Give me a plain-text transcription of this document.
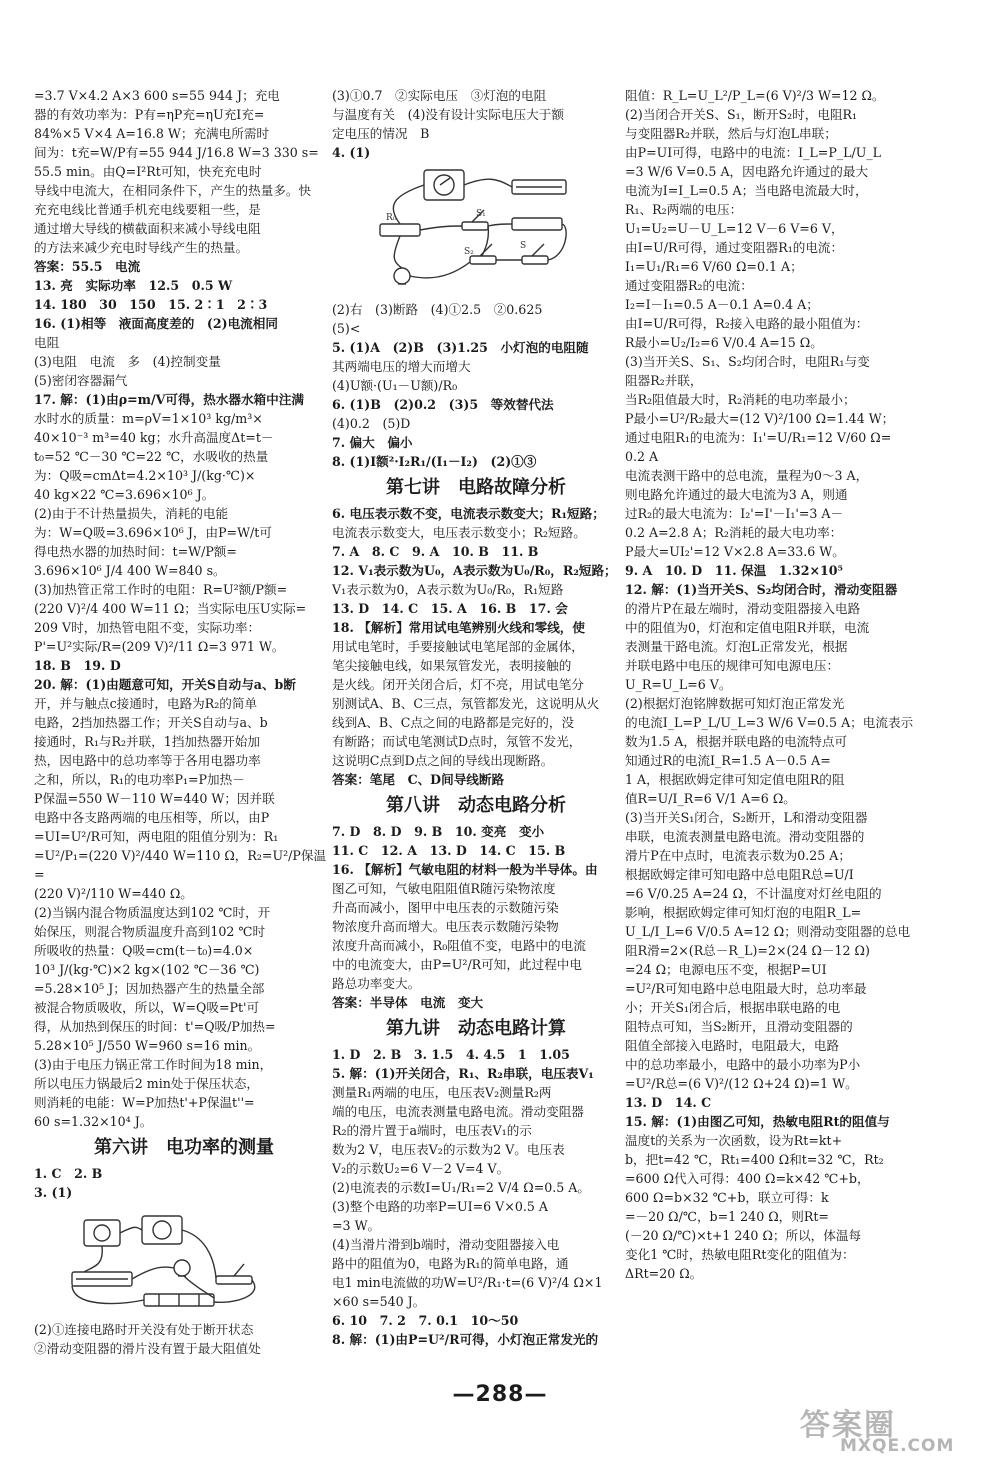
=3.7 V×4.2 A×3 600 s=55 944 J；充电

器的有效功率为：P有=ηP充=ηU充I充=

84%×5 V×4 A=16.8 W；充满电所需时

间为：t充=W/P有=55 944 J/16.8 W=3 330 s=

55.5 min。由Q=I²Rt可知，快充充电时

导线中电流大，在相同条件下，产生的热量多。快

充充电线比普通手机充电线要粗一些，是

通过增大导线的横截面积来减小导线电阻

的方法来减少充电时导线产生的热量。

答案：55.5　电流

13. 亮　实际功率　12.5　0.5 W

14. 180　30　150　15. 2∶1　2∶3

16. (1)相等　液面高度差的　(2)电流相同

电阻

(3)电阻　电流　多　(4)控制变量

(5)密闭容器漏气

17. 解：(1)由ρ=m/V可得，热水器水箱中注满

水时水的质量：m=ρV=1×10³ kg/m³×

40×10⁻³ m³=40 kg；水升高温度Δt=t－

t₀=52 ℃－30 ℃=22 ℃，水吸收的热量

为：Q吸=cmΔt=4.2×10³ J/(kg·℃)×

40 kg×22 ℃=3.696×10⁶ J。

(2)由于不计热量损失，消耗的电能

为：W=Q吸=3.696×10⁶ J，由P=W/t可

得电热水器的加热时间：t=W/P额=

3.696×10⁶ J/4 400 W=840 s。

(3)加热管正常工作时的电阻：R=U²额/P额=

(220 V)²/4 400 W=11 Ω；当实际电压U实际=

209 V时，加热管电阻不变，实际功率：

P'=U²实际/R=(209 V)²/11 Ω=3 971 W。

18. B　19. D

20. 解：(1)由题意可知，开关S自动与a、b断

开，并与触点c接通时，电路为R₂的简单

电路，2挡加热器工作；开关S自动与a、b

接通时，R₁与R₂并联，1挡加热器开始加

热，因电路中的总功率等于各用电器功率

之和，所以，R₁的电功率P₁=P加热－

P保温=550 W－110 W=440 W；因并联

电路中各支路两端的电压相等，所以，由P

=UI=U²/R可知，两电阻的阻值分别为：R₁

=U²/P₁=(220 V)²/440 W=110 Ω，R₂=U²/P保温=

(220 V)²/110 W=440 Ω。

(2)当锅内混合物质温度达到102 ℃时，开

始保压，则混合物质温度升高到102 ℃时

所吸收的热量：Q吸=cm(t－t₀)=4.0×

10³ J/(kg·℃)×2 kg×(102 ℃－36 ℃)

=5.28×10⁵ J；因加热器产生的热量全部

被混合物质吸收，所以，W=Q吸=Pt'可

得，从加热到保压的时间：t'=Q吸/P加热=

5.28×10⁵ J/550 W=960 s=16 min。

(3)由于电压力锅正常工作时间为18 min，

所以电压力锅最后2 min处于保压状态，

则消耗的电能：W=P加热t'+P保温t''=

60 s=1.32×10⁴ J。

第六讲　电功率的测量

1. C　2. B

3. (1)

(2)①连接电路时开关没有处于断开状态

②滑动变阻器的滑片没有置于最大阻值处

(3)①0.7　②实际电压　③灯泡的电阻

与温度有关　(4)没有设计实际电压大于额

定电压的情况　B

4. (1)

R₀	S₁
S₂
S

(2)右　(3)断路　(4)①2.5　②0.625

(5)<

5. (1)A　(2)B　(3)1.25　小灯泡的电阻随

其两端电压的增大而增大

(4)U额·(U₁－U额)/R₀

6. (1)B　(2)0.2　(3)5　等效替代法

(4)0.2　(5)D

7. 偏大　偏小

8. (1)I额²·I₂R₁/(I₁－I₂)　(2)①③

第七讲　电路故障分析

6. 电压表示数不变，电流表示数变大；R₁短路；

电流表示数变大，电压表示数变小；R₂短路。

7. A　8. C　9. A　10. B　11. B

12. V₁表示数为U₀，A表示数为U₀/R₀，R₂短路；

V₁表示数为0，A表示数为U₀/R₀，R₁短路

13. D　14. C　15. A　16. B　17. 会

18. 【解析】常用试电笔辨别火线和零线，使

用试电笔时，手要接触试电笔尾部的金属体，

笔尖接触电线，如果氖管发光，表明接触的

是火线。闭开关闭合后，灯不亮，用试电笔分

别测试A、B、C三点，氖管都发光，这说明从火

线到A、B、C点之间的电路都是完好的，没

有断路；而试电笔测试D点时，氖管不发光，

这说明C点到D点之间的导线出现断路。

答案：笔尾　C、D间导线断路

第八讲　动态电路分析

7. D　8. D　9. B　10. 变亮　变小

11. C　12. A　13. D　14. C　15. B

16. 【解析】气敏电阻的材料一般为半导体。由

图乙可知，气敏电阻阻值R随污染物浓度

升高而减小，图甲中电压表的示数随污染

物浓度升高而增大。电压表示数随污染物

浓度升高而减小，R₀阻值不变，电路中的电流

中的电流变大，由P=U²/R可知，此过程中电

路总功率变大。

答案：半导体　电流　变大

第九讲　动态电路计算

1. D　2. B　3. 1.5　4. 4.5　1　1.05

5. 解：(1)开关闭合，R₁、R₂串联，电压表V₁

测量R₁两端的电压，电压表V₂测量R₂两

端的电压，电流表测量电路电流。滑动变阻器

R₂的滑片置于a端时，电压表V₁的示

数为2 V，电压表V₂的示数为2 V。电压表

V₂的示数U₂=6 V－2 V=4 V。

(2)电流表的示数I=U₁/R₁=2 V/4 Ω=0.5 A。

(3)整个电路的功率P=UI=6 V×0.5 A

=3 W。

(4)当滑片滑到b端时，滑动变阻器接入电

路中的阻值为0，电路为R₁的简单电路，通

电1 min电流做的功W=U²/R₁·t=(6 V)²/4 Ω×1

×60 s=540 J。

6. 10　7. 2　7. 0.1　10～50

8. 解：(1)由P=U²/R可得，小灯泡正常发光的

阻值：R_L=U_L²/P_L=(6 V)²/3 W=12 Ω。

(2)当闭合开关S、S₁，断开S₂时，电阻R₁

与变阻器R₂并联，然后与灯泡L串联；

由P=UI可得，电路中的电流：I_L=P_L/U_L

=3 W/6 V=0.5 A，因电路允许通过的最大

电流为I=I_L=0.5 A；当电路电流最大时，

R₁、R₂两端的电压：

U₁=U₂=U－U_L=12 V－6 V=6 V，

由I=U/R可得，通过变阻器R₁的电流：

I₁=U₁/R₁=6 V/60 Ω=0.1 A；

通过变阻器R₂的电流：

I₂=I－I₁=0.5 A－0.1 A=0.4 A；

由I=U/R可得，R₂接入电路的最小阻值为：

R最小=U₂/I₂=6 V/0.4 A=15 Ω。

(3)当开关S、S₁、S₂均闭合时，电阻R₁与变

阻器R₂并联，

当R₂阻值最大时，R₂消耗的电功率最小；

P最小=U²/R₂最大=(12 V)²/100 Ω=1.44 W；

通过电阻R₁的电流为：I₁'=U/R₁=12 V/60 Ω=

0.2 A

电流表测干路中的总电流，量程为0～3 A，

则电路允许通过的最大电流为3 A，则通

过R₂的最大电流为：I₂'=I'－I₁'=3 A－

0.2 A=2.8 A；R₂消耗的最大电功率：

P最大=UI₂'=12 V×2.8 A=33.6 W。

9. A　10. D　11. 保温　1.32×10⁵

12. 解：(1)当开关S、S₂均闭合时，滑动变阻器

的滑片P在最左端时，滑动变阻器接入电路

中的阻值为0，灯泡和定值电阻R并联，电流

表测量干路电流。灯泡L正常发光，根据

并联电路中电压的规律可知电源电压：

U_R=U_L=6 V。

(2)根据灯泡铭牌数据可知灯泡正常发光

的电流I_L=P_L/U_L=3 W/6 V=0.5 A；电流表示

数为1.5 A，根据并联电路的电流特点可

知通过R的电流I_R=1.5 A－0.5 A=

1 A，根据欧姆定律可知定值电阻R的阻

值R=U/I_R=6 V/1 A=6 Ω。

(3)当开关S₁闭合，S₂断开，L和滑动变阻器

串联，电流表测量电路电流。滑动变阻器的

滑片P在中点时，电流表示数为0.25 A；

根据欧姆定律可知电路中总电阻R总=U/I

=6 V/0.25 A=24 Ω，不计温度对灯丝电阻的

影响，根据欧姆定律可知灯泡的电阻R_L=

U_L/I_L=6 V/0.5 A=12 Ω；则滑动变阻器的总电

阻R滑=2×(R总－R_L)=2×(24 Ω－12 Ω)

=24 Ω；电源电压不变，根据P=UI

=U²/R可知电路中总电阻最大时，总功率最

小；开关S₁闭合后，根据串联电路的电

阻特点可知，当S₂断开，且滑动变阻器的

阻值全部接入电路时，电阻最大，电路

中的总功率最小，电路中的最小功率为P小

=U²/R总=(6 V)²/(12 Ω+24 Ω)=1 W。

13. D　14. C

15. 解：(1)由图乙可知，热敏电阻Rt的阻值与

温度t的关系为一次函数，设为Rt=kt+

b，把t=42 ℃，Rt₁=400 Ω和t=32 ℃，Rt₂

=600 Ω代入可得：400 Ω=k×42 ℃+b，

600 Ω=b×32 ℃+b，联立可得：k

=－20 Ω/℃，b=1 240 Ω，则Rt=

(－20 Ω/℃)×t+1 240 Ω；所以，体温每

变化1 ℃时，热敏电阻Rt变化的阻值为：

ΔRt=20 Ω。

—288—
答案圈
MXQE.COM
